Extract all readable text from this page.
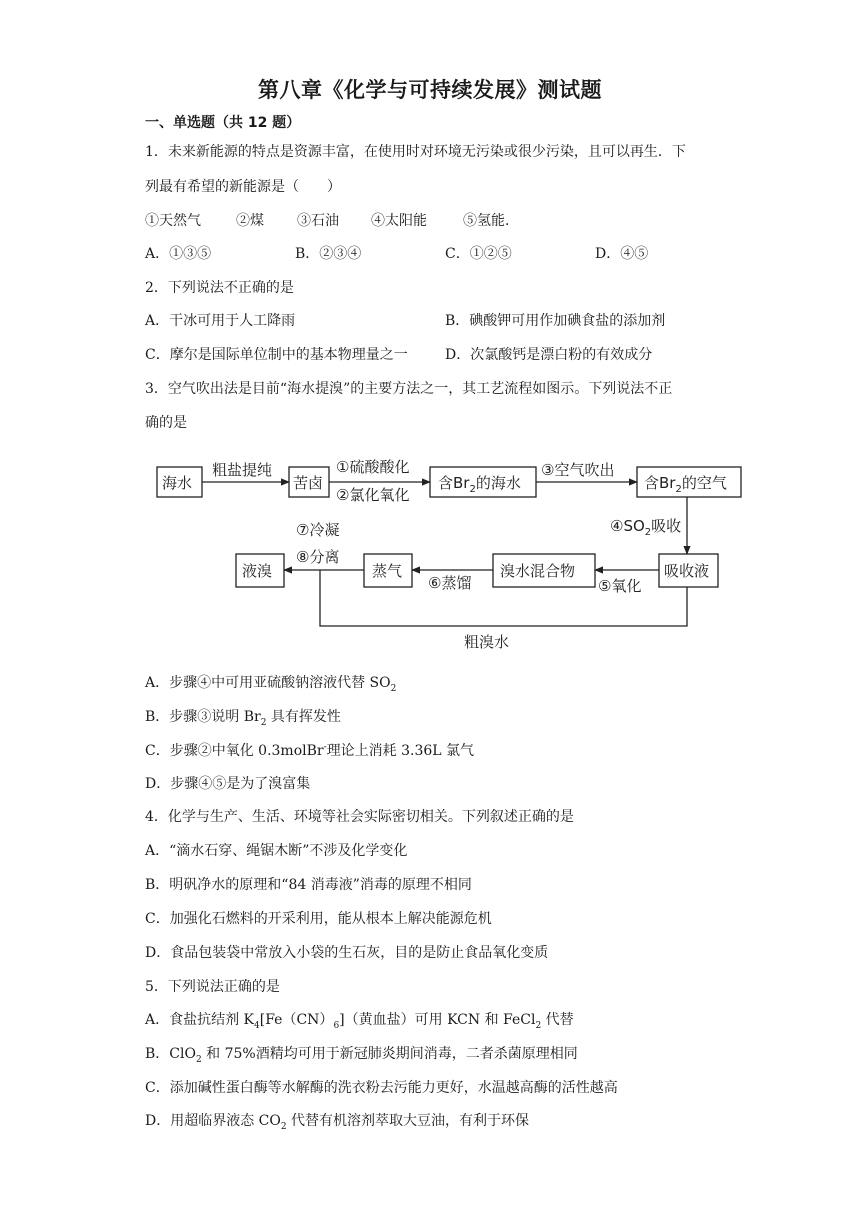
第八章《化学与可持续发展》测试题
一、单选题（共 12 题）
1．未来新能源的特点是资源丰富，在使用时对环境无污染或很少污染，且可以再生．下
列最有希望的新能源是（　　）
①天然气	②煤 ③石油 ④太阳能	⑤氢能．
A．①③⑤	B．②③④	C．①②⑤	D．④⑤
2．下列说法不正确的是
A．干冰可用于人工降雨	B．碘酸钾可用作加碘食盐的添加剂
C．摩尔是国际单位制中的基本物理量之一	D．次氯酸钙是漂白粉的有效成分
3．空气吹出法是目前“海水提溴”的主要方法之一，其工艺流程如图示。下列说法不正
确的是
海水
粗盐提纯
苦卤
①硫酸酸化
②氯化氧化
含$Br_2$的海水
③空气吹出
含$Br_2$的空气
$④SO_2$吸收
吸收液
⑤氧化
溴水混合物
⑥蒸馏
蒸气
⑦冷凝
⑧分离
液溴
粗溴水
A．步骤④中可用亚硫酸钠溶液代替 $SO_2$
B．步骤③说明 $Br_2$ 具有挥发性
C．步骤②中氧化 0.3molBr-理论上消耗 3.36L 氯气
D．步骤④⑤是为了溴富集
4．化学与生产、生活、环境等社会实际密切相关。下列叙述正确的是
A．“滴水石穿、绳锯木断”不涉及化学变化
B．明矾净水的原理和“84 消毒液”消毒的原理不相同
C．加强化石燃料的开采利用，能从根本上解决能源危机
D．食品包装袋中常放入小袋的生石灰，目的是防止食品氧化变质
5．下列说法正确的是
A．食盐抗结剂 $K_4[Fe(CN)_6]$（黄血盐）可用 KCN 和 FeCl$_2$ 代替
B．ClO$_2$ 和 75%酒精均可用于新冠肺炎期间消毒，二者杀菌原理相同
C．添加碱性蛋白酶等水解酶的洗衣粉去污能力更好，水温越高酶的活性越高
D．用超临界液态 $CO_2$ 代替有机溶剂萃取大豆油，有利于环保
